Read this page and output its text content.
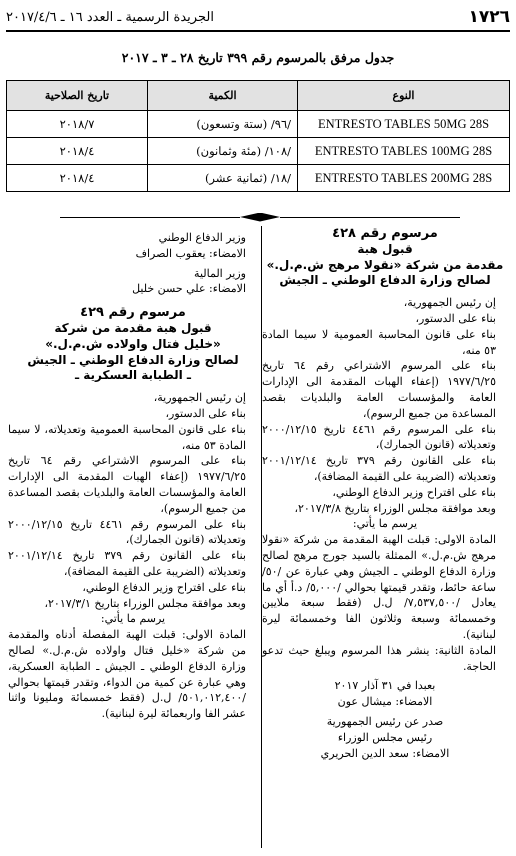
١٧٢٦
الجريدة الرسمية ـ العدد ١٦ ـ ٢٠١٧/٤/٦
جدول مرفق بالمرسوم رقم ٣٩٩ تاريخ ٢٨ ـ ٣ ـ ٢٠١٧
النوع	الكمية	تاريخ الصلاحية
ENTRESTO TABLES 50MG 28S	/٩٦/ (ستة وتسعون)	٢٠١٨/٧
ENTRESTO TABLES 100MG 28S	/١٠٨/ (مئة وثمانون)	٢٠١٨/٤
ENTRESTO TABLES 200MG 28S	/١٨/ (ثمانية عشر)	٢٠١٨/٤

مرسوم رقم ٤٢٨

قبول هبة

مقدمة من شركة «نقولا مرهج ش.م.ل.»

لصالح وزارة الدفاع الوطني ـ الجيش

إن رئيس الجمهورية،

بناء على الدستور،

بناء على قانون المحاسبة العمومية لا سيما المادة ٥٣ منه،

بناء على المرسوم الاشتراعي رقم ٦٤ تاريخ ١٩٧٧/٦/٢٥ (إعفاء الهبات المقدمة الى الإدارات العامة والمؤسسات العامة والبلديات بقصد المساعدة من جميع الرسوم)،

بناء على المرسوم رقم ٤٤٦١ تاريخ ٢٠٠٠/١٢/١٥ وتعديلاته (قانون الجمارك)،

بناء على القانون رقم ٣٧٩ تاريخ ٢٠٠١/١٢/١٤ وتعديلاته (الضريبة على القيمة المضافة)،

بناء على اقتراح وزير الدفاع الوطني،

وبعد موافقة مجلس الوزراء بتاريخ ٢٠١٧/٣/٨،

يرسم ما يأتي:

المادة الاولى: قبلت الهبة المقدمة من شركة «نقولا مرهج ش.م.ل.» الممثلة بالسيد جورج مرهج لصالح وزارة الدفاع الوطني ـ الجيش وهي عبارة عن /٥٠/ ساعة حائط، وتقدر قيمتها بحوالي /٥,٠٠٠/ د.أ أي ما يعادل /٧,٥٣٧,٥٠٠/ ل.ل (فقط سبعة ملايين وخمسمائة وسبعة وثلاثون الفا وخمسمائة ليرة لبنانية).

المادة الثانية: ينشر هذا المرسوم ويبلغ حيث تدعو الحاجة.

بعبدا في ٣١ آذار ٢٠١٧

الامضاء: ميشال عون

صدر عن رئيس الجمهورية

رئيس مجلس الوزراء

الامضاء: سعد الدين الحريري

وزير الدفاع الوطني

الامضاء: يعقوب الصراف

وزير المالية

الامضاء: علي حسن خليل

مرسوم رقم ٤٢٩

قبول هبة مقدمة من شركة

«خليل فتال واولاده ش.م.ل.»

لصالح وزارة الدفاع الوطني ـ الجيش

ـ الطبابة العسكرية ـ

إن رئيس الجمهورية،

بناء على الدستور،

بناء على قانون المحاسبة العمومية وتعديلاته، لا سيما المادة ٥٣ منه،

بناء على المرسوم الاشتراعي رقم ٦٤ تاريخ ١٩٧٧/٦/٢٥ (إعفاء الهبات المقدمة الى الإدارات العامة والمؤسسات العامة والبلديات بقصد المساعدة من جميع الرسوم)،

بناء على المرسوم رقم ٤٤٦١ تاريخ ٢٠٠٠/١٢/١٥ وتعديلاته (قانون الجمارك)،

بناء على القانون رقم ٣٧٩ تاريخ ٢٠٠١/١٢/١٤ وتعديلاته (الضريبة على القيمة المضافة)،

بناء على اقتراح وزير الدفاع الوطني،

وبعد موافقة مجلس الوزراء بتاريخ ٢٠١٧/٣/١،

يرسم ما يأتي:

المادة الاولى: قبلت الهبة المفصلة أدناه والمقدمة من شركة «خليل فتال واولاده ش.م.ل.» لصالح وزارة الدفاع الوطني ـ الجيش ـ الطبابة العسكرية، وهي عبارة عن كمية من الدواء، وتقدر قيمتها بحوالي /٥٠١,٠١٢,٤٠٠/ ل.ل (فقط خمسمائة ومليونا واثنا عشر الفا واربعمائة ليرة لبنانية).
